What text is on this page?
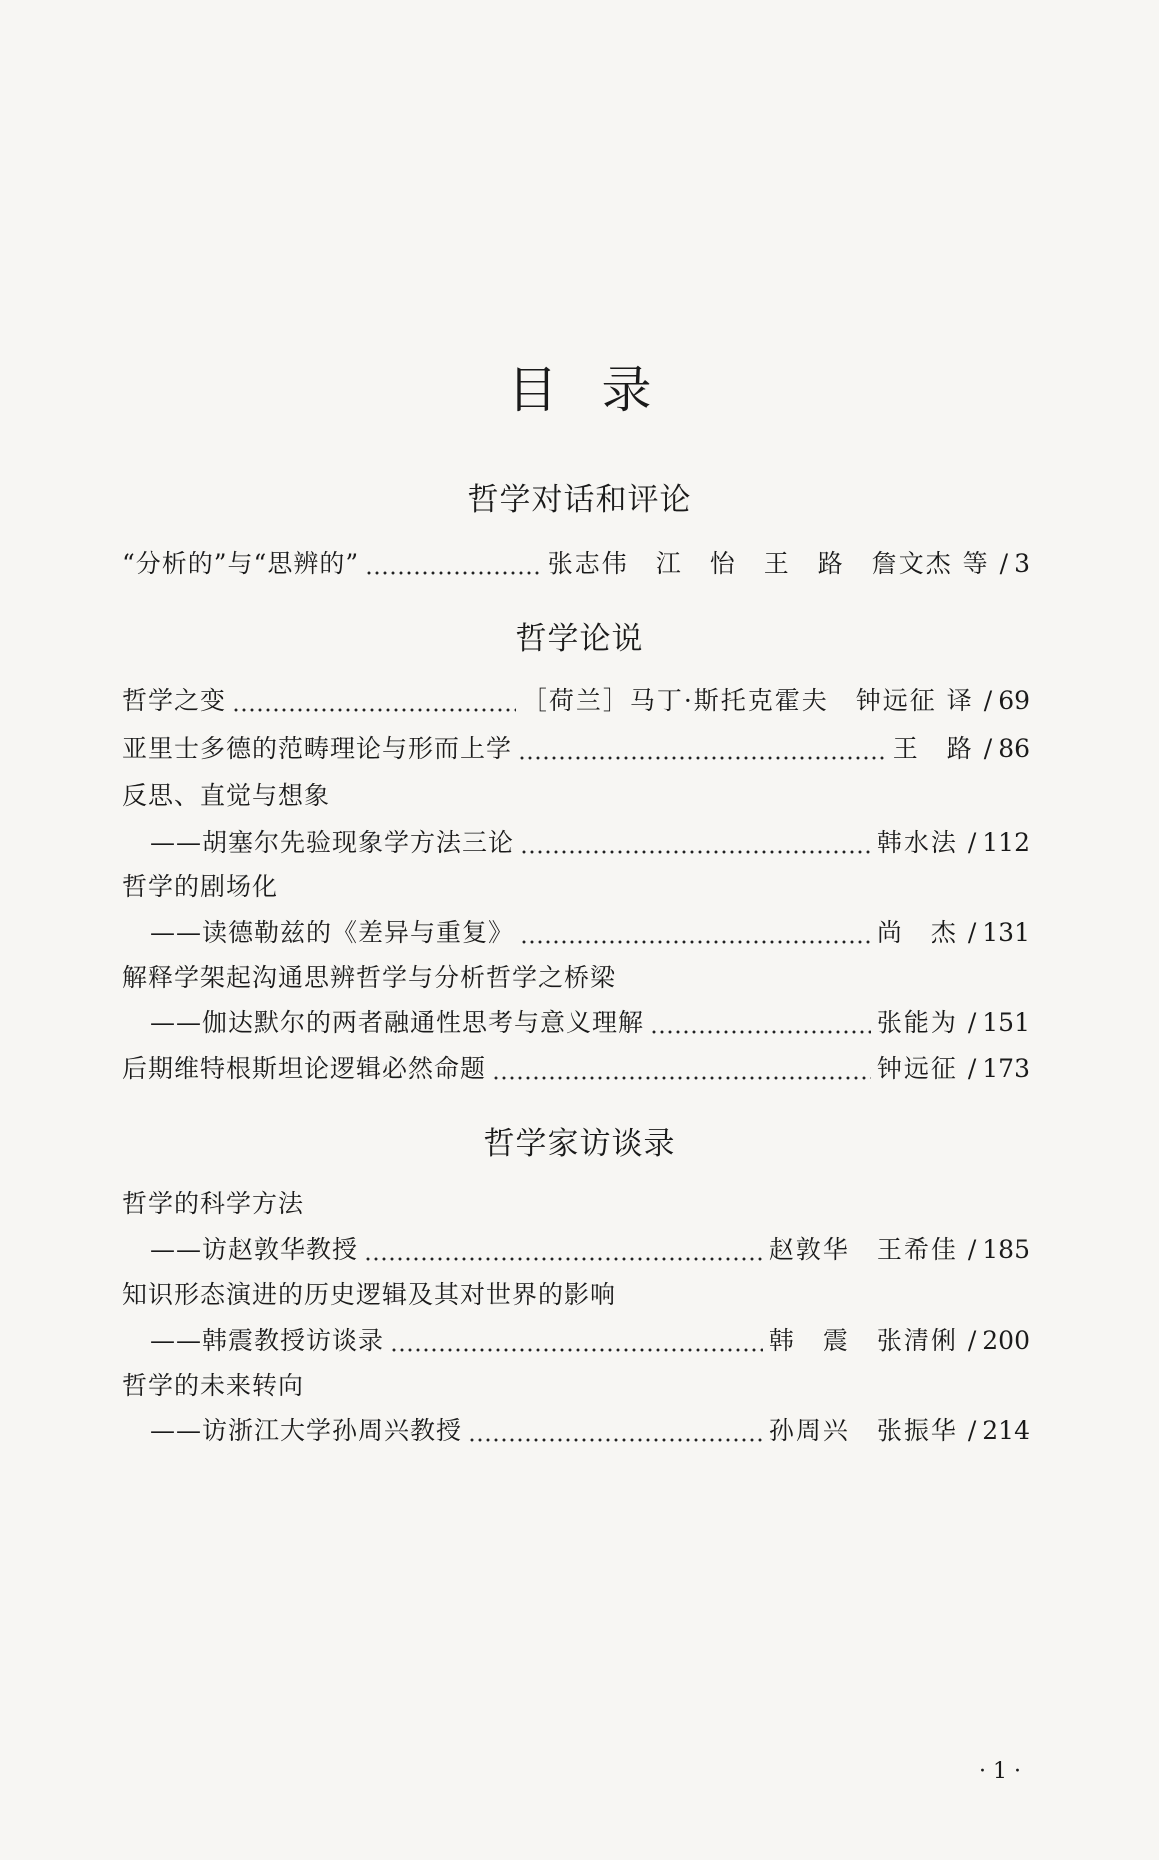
目录
哲学对话和评论
“分析的”与“思辨的”	张志伟　江　怡　王　路　詹文杰 等 / 3
哲学论说
哲学之变	［荷兰］马丁·斯托克霍夫　钟远征 译 / 69
亚里士多德的范畴理论与形而上学	王　路 / 86
反思、直觉与想象
——胡塞尔先验现象学方法三论	韩水法 / 112
哲学的剧场化
——读德勒兹的《差异与重复》	尚　杰 / 131
解释学架起沟通思辨哲学与分析哲学之桥梁
——伽达默尔的两者融通性思考与意义理解	张能为 / 151
后期维特根斯坦论逻辑必然命题	钟远征 / 173
哲学家访谈录
哲学的科学方法
——访赵敦华教授	赵敦华　王希佳 / 185
知识形态演进的历史逻辑及其对世界的影响
——韩震教授访谈录	韩　震　张清俐 / 200
哲学的未来转向
——访浙江大学孙周兴教授	孙周兴　张振华 / 214
· 1 ·
